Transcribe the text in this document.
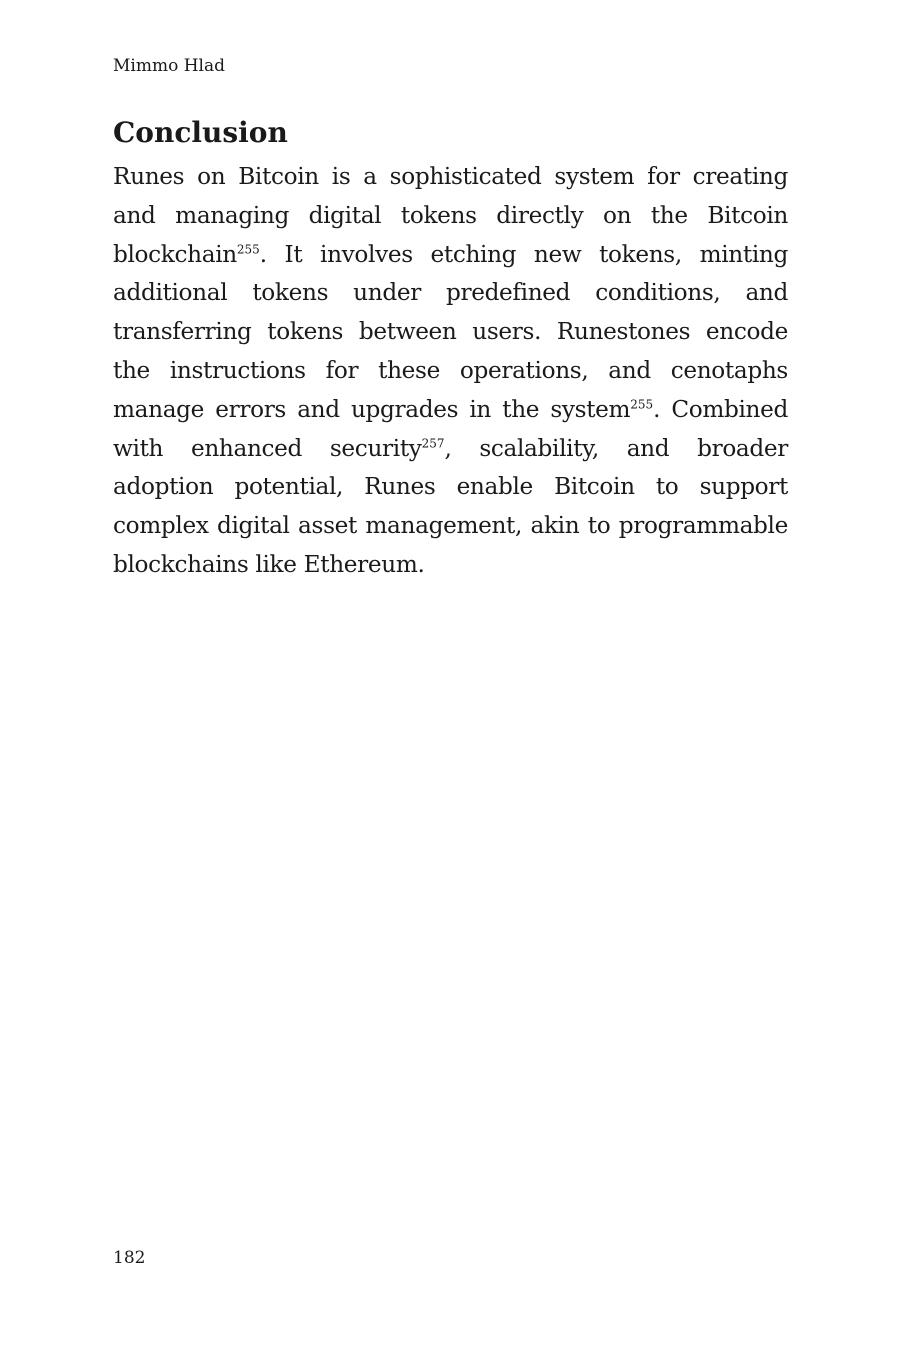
Mimmo Hlad
Conclusion

Runes on Bitcoin is a sophisticated system for creating and managing digital tokens directly on the Bitcoin blockchain$^{255}$. It involves etching new tokens, minting additional tokens under predefined conditions, and transferring tokens between users. Runestones encode the instructions for these operations, and cenotaphs manage errors and upgrades in the system$^{255}$. Combined with enhanced security$^{257}$, scalability, and broader adoption potential, Runes enable Bitcoin to support complex digital asset management, akin to programmable blockchains like Ethereum.

182
